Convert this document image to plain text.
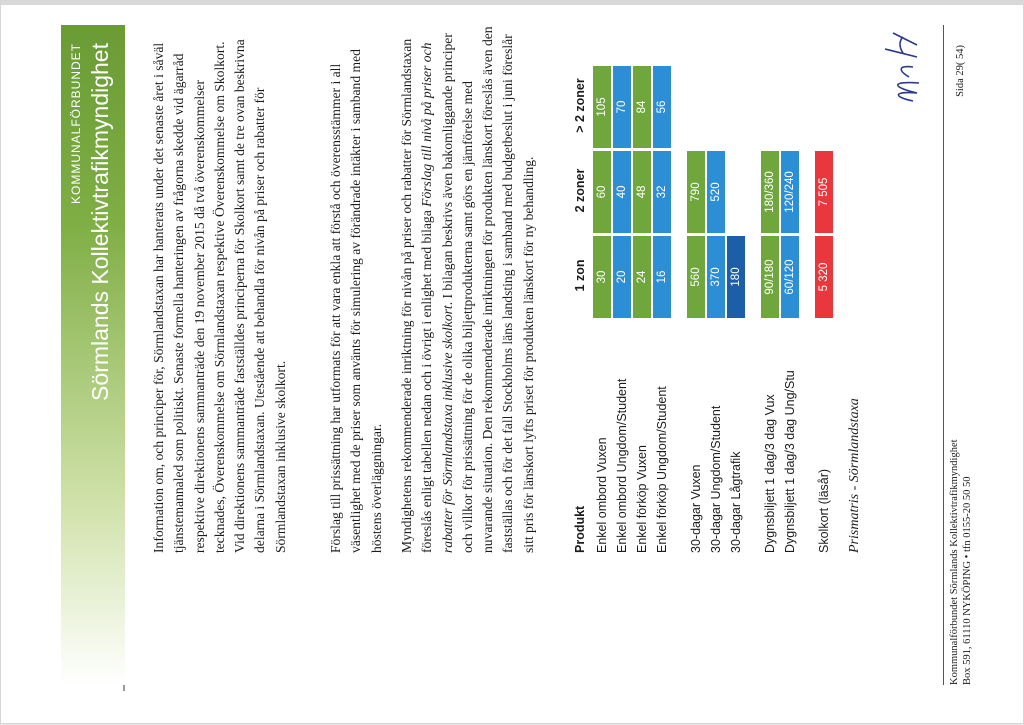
KOMMUNALFÖRBUNDET Sörmlands Kollektivtrafikmyndighet	Information om, och principer för, Sörmlandstaxan har hanterats under det senaste året i såväl tjänstemannaled som politiskt. Senaste formella hanteringen av frågorna skedde vid ägarråd respektive direktionens sammanträde den 19 november 2015 då två överenskommelser tecknades, Överenskommelse om Sörmlandstaxan respektive Överenskommelse om Skolkort. Vid direktionens sammanträde fastställdes principerna för Skolkort samt de tre ovan beskrivna delarna i Sörmlandstaxan. Utestående att behandla för nivån på priser och rabatter för Sörmlandstaxan inklusive skolkort.	Förslag till prissättning har utformats för att vara enkla att förstå och överensstämmer i all väsentlighet med de priser som använts för simulering av förändrade intäkter i samband med höstens överläggningar. Myndighetens rekommenderade inriktning för nivån på priser och rabatter för Sörmlandstaxan föreslås enligt tabellen nedan och i övrigt i enlighet med bilaga Förslag till nivå på priser och rabatter för Sörmlandstaxa inklusive skolkort. I bilagan beskrivs även bakomliggande principer och villkor för prissättning för de olika biljettprodukterna samt görs en jämförelse med nuvarande situation. Den rekommenderade inriktningen för produkten länskort föreslås även den fastställas och för det fall Stockholms läns landsting i samband med budgetbeslut i juni föreslår sitt pris för länskort lyfts priset för produkten länskort för ny behandling.	Produkt	1 zon	2 zoner	> 2 zoner
Enkel ombord Vuxen	30	60	105

Enkel ombord Ungdom/Student	20	40	70

Enkel förköp Vuxen	24	48	84

Enkel förköp Ungdom/Student	16	32	56

30-dagar Vuxen	560	790	

30-dagar Ungdom/Student	370	520	

30-dagar Lågtrafik	180		

Dygnsbiljett 1 dag/3 dag Vux	90/180	180/360	

Dygnsbiljett 1 dag/3 dag Ung/Stu	60/120	120/240	

Skolkort (läsår)	5 320	7 505	

Prismatris - Sörmlandstaxa	Kommunalförbundet Sörmlands Kollektivtrafikmyndighet Box 591, 61110 NYKÖPING • tfn 0155-20 50 50
Sida 29( 54)
